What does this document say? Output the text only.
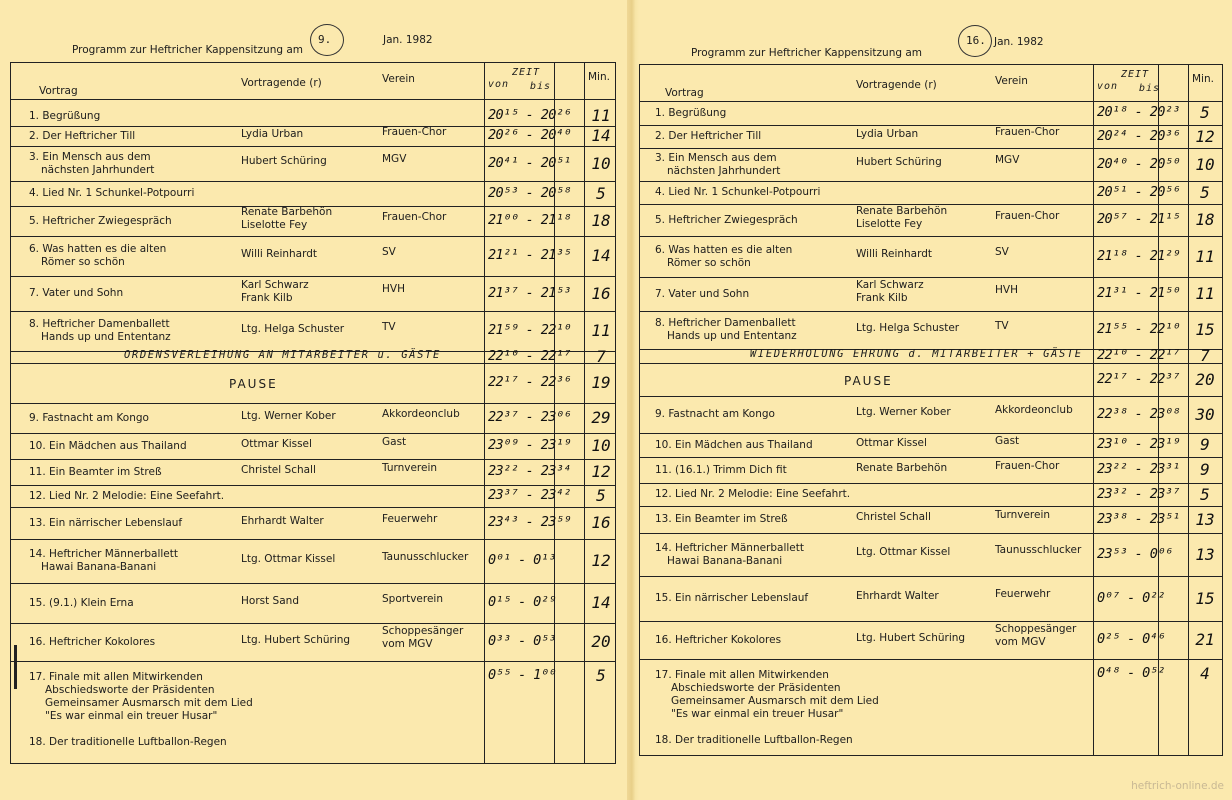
Programm zur Heftricher Kappensitzung am
9.	Jan. 1982
Vortrag
Vortragende (r)	Verein
ZEIT
von bis
Min.
1. Begrüßung	20¹⁵ - 20²⁶	11
2. Der Heftricher Till	Lydia Urban	Frauen-Chor	20²⁶ - 20⁴⁰	14
3. Ein Mensch aus dem
nächsten Jahrhundert
Hubert Schüring	MGV	20⁴¹ - 20⁵¹	10
4. Lied Nr. 1 Schunkel-Potpourri	20⁵³ - 20⁵⁸	5
5. Heftricher Zwiegespräch
Renate Barbehön
Liselotte Fey
Frauen-Chor	21⁰⁰ - 21¹⁸	18
6. Was hatten es die alten
Römer so schön
Willi Reinhardt	SV	21²¹ - 21³⁵	14
7. Vater und Sohn
Karl Schwarz
Frank Kilb
HVH	21³⁷ - 21⁵³	16
8. Heftricher Damenballett
Hands up und Ententanz
Ltg. Helga Schuster	TV	21⁵⁹ - 22¹⁰	11
ORDENSVERLEIHUNG AN MITARBEITER u. GÄSTE	22¹⁰ - 22¹⁷	7
PAUSE	22¹⁷ - 22³⁶	19
9. Fastnacht am Kongo	Ltg. Werner Kober	Akkordeonclub 22³⁷ - 23⁰⁶	29
10. Ein Mädchen aus Thailand	Ottmar Kissel	Gast	23⁰⁹ - 23¹⁹	10
11. Ein Beamter im Streß	Christel Schall	Turnverein	23²² - 23³⁴	12
12. Lied Nr. 2 Melodie: Eine Seefahrt.	23³⁷ - 23⁴²	5
13. Ein närrischer Lebenslauf	Ehrhardt Walter	Feuerwehr	23⁴³ - 23⁵⁹	16
14. Heftricher Männerballett
Hawai Banana-Banani
Ltg. Ottmar Kissel	Taunusschlucker 0⁰¹ - 0¹³	12
15. (9.1.) Klein Erna	Horst Sand	Sportverein	0¹⁵ - 0²⁹	14
16. Heftricher Kokolores	Ltg. Hubert Schüring
Schoppesänger
vom MGV	0³³ - 0⁵³	20
17. Finale mit allen Mitwirkenden
Abschiedsworte der Präsidenten
Gemeinsamer Ausmarsch mit dem Lied
"Es war einmal ein treuer Husar"
18. Der traditionelle Luftballon-Regen
0⁵⁵ - 1⁰⁰	5
Programm zur Heftricher Kappensitzung am
16. Jan. 1982
Vortrag
Vortragende (r)	Verein
ZEIT
von bis
Min.
1. Begrüßung	20¹⁸ - 20²³	5
2. Der Heftricher Till	Lydia Urban	Frauen-Chor	20²⁴ - 20³⁶ 12
3. Ein Mensch aus dem
nächsten Jahrhundert
Hubert Schüring	MGV	20⁴⁰ - 20⁵⁰ 10
4. Lied Nr. 1 Schunkel-Potpourri	20⁵¹ - 20⁵⁶	5
5. Heftricher Zwiegespräch
Renate Barbehön
Liselotte Fey
Frauen-Chor	20⁵⁷ - 21¹⁵ 18
6. Was hatten es die alten
Römer so schön
Willi Reinhardt	SV	21¹⁸ - 21²⁹ 11
7. Vater und Sohn
Karl Schwarz
Frank Kilb
HVH	21³¹ - 21⁵⁰ 11
8. Heftricher Damenballett
Hands up und Ententanz
Ltg. Helga Schuster	TV	21⁵⁵ - 22¹⁰ 15
WIEDERHOLUNG EHRUNG d. MITARBEITER + GÄSTE 22¹⁰ - 22¹⁷	7
PAUSE	22¹⁷ - 22³⁷ 20
9. Fastnacht am Kongo	Ltg. Werner Kober	Akkordeonclub 22³⁸ - 23⁰⁸ 30
10. Ein Mädchen aus Thailand	Ottmar Kissel	Gast	23¹⁰ - 23¹⁹	9
11. (16.1.) Trimm Dich fit	Renate Barbehön	Frauen-Chor	23²² - 23³¹	9
12. Lied Nr. 2 Melodie: Eine Seefahrt.	23³² - 23³⁷	5
13. Ein Beamter im Streß	Christel Schall	Turnverein	23³⁸ - 23⁵¹ 13
14. Heftricher Männerballett
Hawai Banana-Banani
Ltg. Ottmar Kissel	Taunusschlucker 23⁵³ - 0⁰⁶	13
15. Ein närrischer Lebenslauf	Ehrhardt Walter	Feuerwehr	0⁰⁷ - 0²²	15
16. Heftricher Kokolores	Ltg. Hubert Schüring
Schoppesänger
vom MGV	0²⁵ - 0⁴⁶	21
17. Finale mit allen Mitwirkenden
Abschiedsworte der Präsidenten
Gemeinsamer Ausmarsch mit dem Lied
"Es war einmal ein treuer Husar"
18. Der traditionelle Luftballon-Regen
0⁴⁸ - 0⁵²	4
heftrich-online.de
